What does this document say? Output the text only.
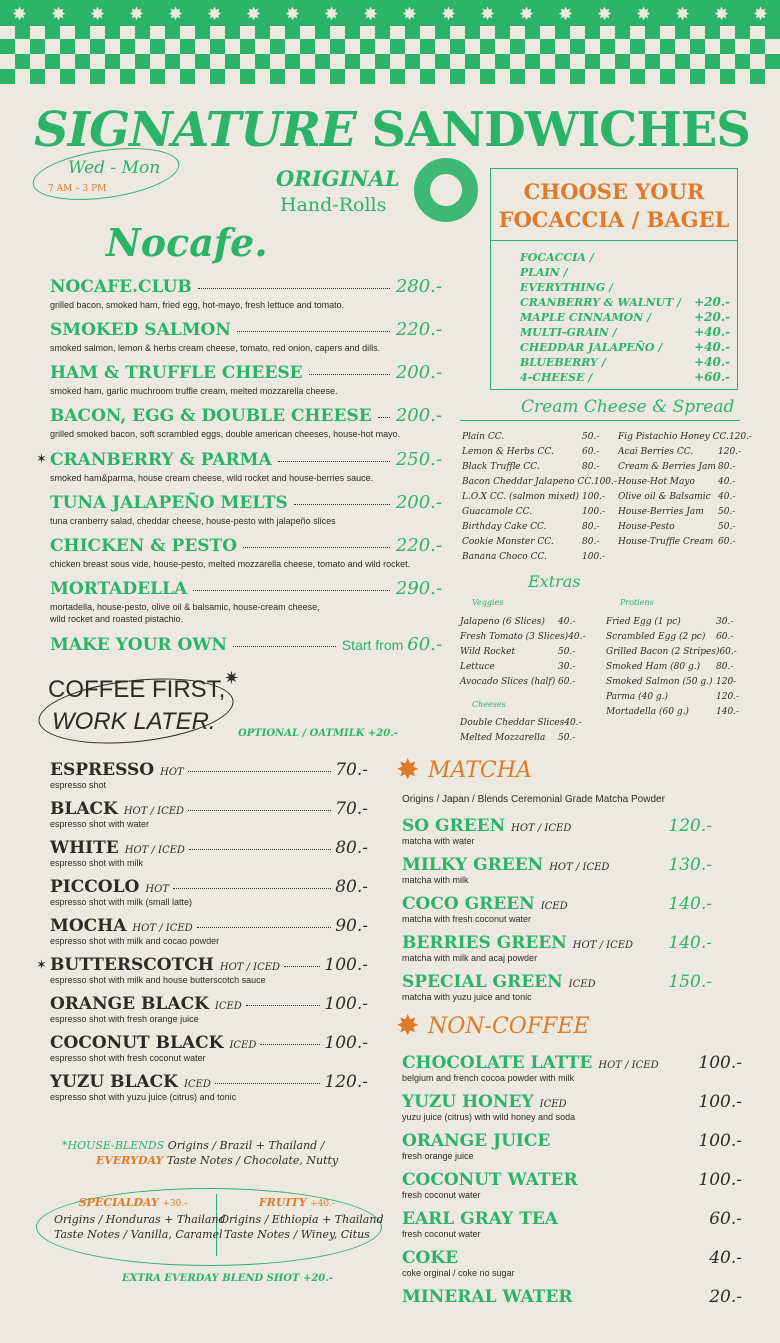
✸ ✸ ✸ ✸ ✸ ✸ ✸ ✸ ✸ ✸ ✸ ✸ ✸ ✸ ✸ ✸ ✸ ✸ ✸ ✸
SIGNATURE SANDWICHES
Wed - Mon
7 AM – 3 PM	ORIGINAL
Hand-Rolls
Nocafe.
NOCAFE.CLUB	280.-
grilled bacon, smoked ham, fried egg, hot-mayo, fresh lettuce and tomato.
SMOKED SALMON	220.-
smoked salmon, lemon & herbs cream cheese, tomato, red onion, capers and dills.
HAM & TRUFFLE CHEESE	200.-
smoked ham, garlic muchroom truffle cream, melted mozzarella cheese.
BACON, EGG & DOUBLE CHEESE 200.-
grilled smoked bacon, soft scrambled eggs, double american cheeses, house-hot mayo.
✶ CRANBERRY & PARMA	250.-
smoked ham&parma, house cream cheese, wild rocket and house-berries sauce.
TUNA JALAPEÑO MELTS	200.-
tuna cranberry salad, cheddar cheese, house-pesto with jalapeño slices
CHICKEN & PESTO	220.-
chicken breast sous vide, house-pesto, melted mozzarella cheese, tomato and wild rocket.
MORTADELLA	290.-
mortadella, house-pesto, olive oil & balsamic, house-cream cheese,
wild rocket and roasted pistachio.
MAKE YOUR OWN	Start from 60.-
CHOOSE YOUR
FOCACCIA / BAGEL
FOCACCIA /
PLAIN /
EVERYTHING /
CRANBERRY & WALNUT /	+20.-
MAPLE CINNAMON /	+20.-
MULTI-GRAIN /	+40.-
CHEDDAR JALAPEÑO /	+40.-
BLUEBERRY /	+40.-
4-CHEESE /	+60.-
Cream Cheese & Spread
Plain CC.	50.-
Lemon & Herbs CC.	60.-
Black Truffle CC.	80.-
Bacon Cheddar Jalapeno CC. 100.-
L.O.X CC. (salmon mixed) 100.-
Guacamole CC.	100.-
Birthday Cake CC.	80.-
Cookie Monster CC.	80.-
Banana Choco CC.	100.-
Fig Pistachio Honey CC. 120.-
Acai Berries CC.	120.-
Cream & Berries Jam 80.-
House-Hot Mayo	40.-
Olive oil & Balsamic 40.-
House-Berries Jam	50.-
House-Pesto	50.-
House-Truffle Cream 60.-
Extras
Veggies	Protiens
Jalapeno (6 Slices)	40.-
Fresh Tomato (3 Slices) 40.-
Wild Rocket	50.-
Lettuce	30.-
Avocado Slices (half) 60.-
Fried Egg (1 pc)	30.-
Scrambled Egg (2 pc)	60.-
Grilled Bacon (2 Stripes) 60.-
Smoked Ham (80 g.)	80.-
Smoked Salmon (50 g.) 120-
Parma (40 g.)	120.-
Mortadella (60 g.)	140.-
Cheeses
Double Cheddar Slices 40.-
Melted Mozzarella	50.-
COFFEE FIRST,
WORK LATER.
✷
OPTIONAL / OATMILK +20.-
ESPRESSO HOT	70.-
espresso shot
BLACK HOT / ICED	70.-
espresso shot with water
WHITE HOT / ICED	80.-
espresso shot with milk
PICCOLO HOT	80.-
espresso shot with milk (small latte)
MOCHA HOT / ICED	90.-
espresso shot with milk and cocao powder
✶ BUTTERSCOTCH HOT / ICED	100.-
espresso shot with milk and house butterscotch sauce
ORANGE BLACK ICED	100.-
espresso shot with fresh orange juice
COCONUT BLACK ICED	100.-
espresso shot with fresh coconut water
YUZU BLACK ICED	120.-
espresso shot with yuzu juice (citrus) and tonic
*HOUSE-BLENDS Origins / Brazil + Thailand /
EVERYDAY Taste Notes / Chocolate, Nutty
SPECIALDAY +30.-
Origins / Honduras + Thailand
Taste Notes / Vanilla, Caramel
FRUITY +40.-
Origins / Ethiopia + Thailand
Taste Notes / Winey, Citus
EXTRA EVERDAY BLEND SHOT +20.-
✸ MATCHA
Origins / Japan / Blends Ceremonial Grade Matcha Powder
SO GREEN HOT / ICED	120.-
matcha with water
MILKY GREEN HOT / ICED	130.-
matcha with milk
COCO GREEN ICED	140.-
matcha with fresh coconut water
BERRIES GREEN HOT / ICED 140.-
matcha with milk and acaj powder
SPECIAL GREEN ICED	150.-
matcha with yuzu juice and tonic
✸ NON-COFFEE
CHOCOLATE LATTE HOT / ICED 100.-
belgium and french cocoa powder with milk
YUZU HONEY ICED	100.-
yuzu juice (citrus) with wild honey and soda
ORANGE JUICE	100.-
fresh orange juice
COCONUT WATER	100.-
fresh coconut water
EARL GRAY TEA	60.-
fresh coconut water
COKE	40.-
coke orginal / coke no sugar
MINERAL WATER	20.-
